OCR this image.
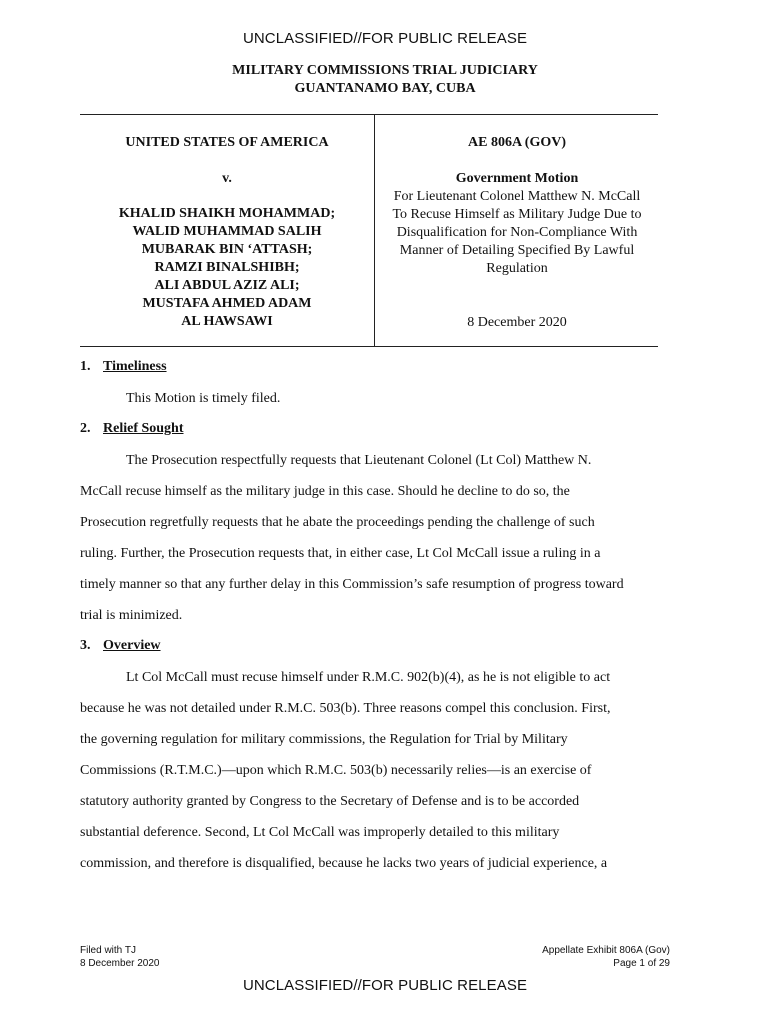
UNCLASSIFIED//FOR PUBLIC RELEASE
MILITARY COMMISSIONS TRIAL JUDICIARY
GUANTANAMO BAY, CUBA
UNITED STATES OF AMERICA
v.
KHALID SHAIKH MOHAMMAD;
WALID MUHAMMAD SALIH
MUBARAK BIN ‘ATTASH;
RAMZI BINALSHIBH;
ALI ABDUL AZIZ ALI;
MUSTAFA AHMED ADAM
AL HAWSAWI
AE 806A (GOV)
Government Motion
For Lieutenant Colonel Matthew N. McCall
To Recuse Himself as Military Judge Due to
Disqualification for Non-Compliance With
Manner of Detailing Specified By Lawful
Regulation
8 December 2020
1. Timeliness
This Motion is timely filed.
2. Relief Sought
The Prosecution respectfully requests that Lieutenant Colonel (Lt Col) Matthew N.
McCall recuse himself as the military judge in this case. Should he decline to do so, the
Prosecution regretfully requests that he abate the proceedings pending the challenge of such
ruling. Further, the Prosecution requests that, in either case, Lt Col McCall issue a ruling in a
timely manner so that any further delay in this Commission’s safe resumption of progress toward
trial is minimized.
3. Overview
Lt Col McCall must recuse himself under R.M.C. 902(b)(4), as he is not eligible to act
because he was not detailed under R.M.C. 503(b). Three reasons compel this conclusion. First,
the governing regulation for military commissions, the Regulation for Trial by Military
Commissions (R.T.M.C.)—upon which R.M.C. 503(b) necessarily relies—is an exercise of
statutory authority granted by Congress to the Secretary of Defense and is to be accorded
substantial deference. Second, Lt Col McCall was improperly detailed to this military
commission, and therefore is disqualified, because he lacks two years of judicial experience, a
Filed with TJ
8 December 2020
Appellate Exhibit 806A (Gov)
Page 1 of 29
UNCLASSIFIED//FOR PUBLIC RELEASE
